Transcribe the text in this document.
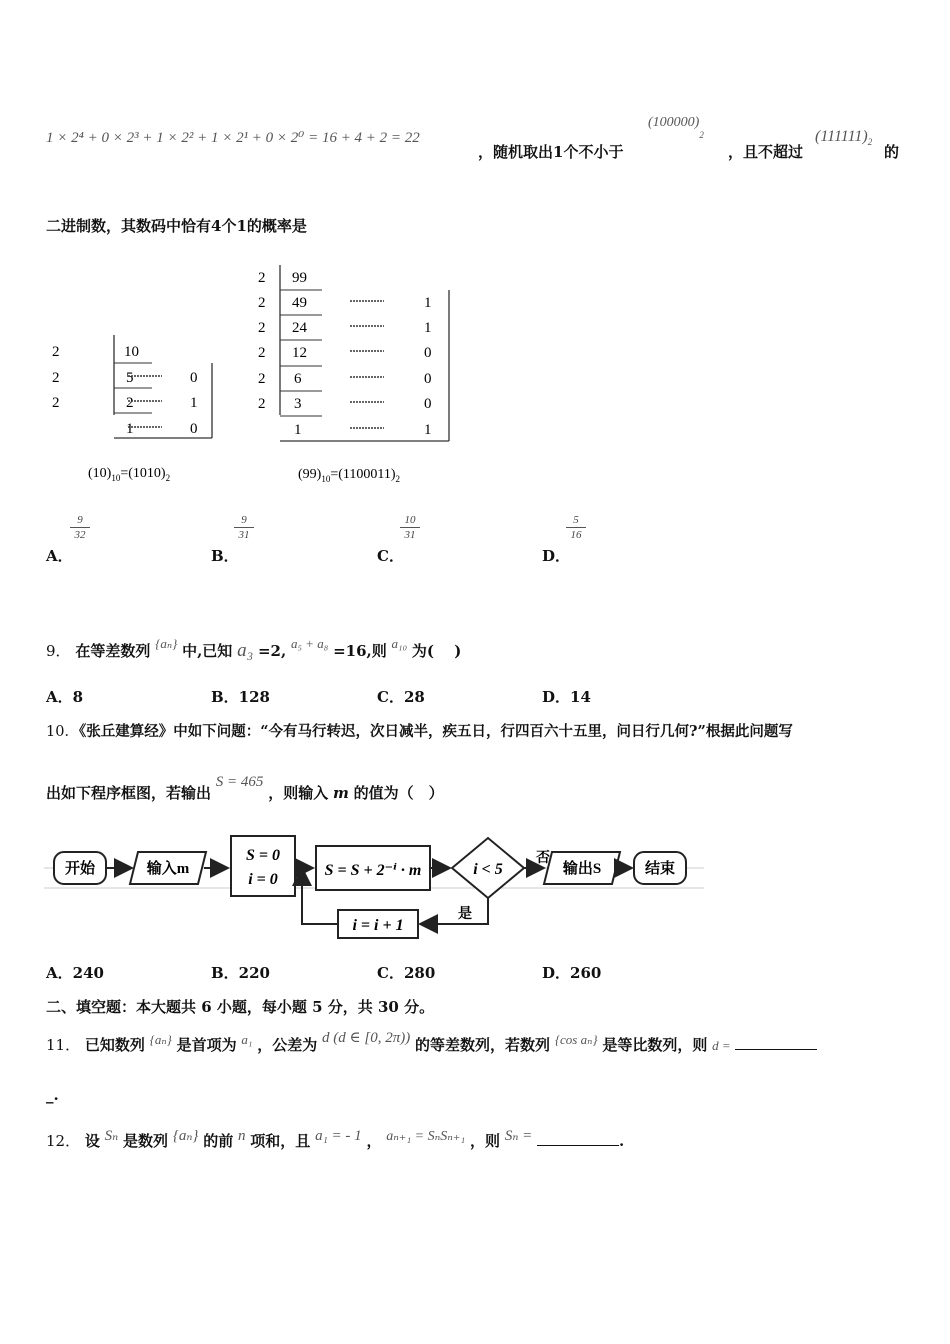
1 × 2⁴ + 0 × 2³ + 1 × 2² + 1 × 2¹ + 0 × 2⁰ = 16 + 4 + 2 = 22
，随机取出1个不小于
$(100000)_2$
，且不超过
$(111111)_2$
的
二进制数，其数码中恰有4个1的概率是
2	10
2	5	0
2	2	1
1	0
$(10)_{10}=(1010)_2$
2 99
2 49	1
2 24	1
2 12	0
2 6	0
2 3	0
1	1
$(99)_{10}=(1100011)_2$
9
32
A．
9
31
B．
10
31
C．
5
16
D．
9． 在等差数列 {aₙ} 中,已知 a₃ =2, a₅ + a₈ =16,则 a₁₀ 为(　 )
A．8	B．128	C．28	D．14
10．《张丘建算经》中如下问题：“今有马行转迟，次日减半，疾五日，行四百六十五里，问日行几何?”根据此问题写
出如下程序框图，若输出 S = 465 ，则输入 m 的值为（　）
开始	输入m
S = 0
i = 0
S = S + 2⁻ⁱ · m	i < 5
否
输出S	结束
是
i = i + 1
A．240	B．220	C．280	D．260
二、填空题：本大题共 6 小题，每小题 5 分，共 30 分。
11． 已知数列 {aₙ} 是首项为 a₁ ，公差为 d (d ∈ [0, 2π)) 的等差数列，若数列 {cos aₙ} 是等比数列，则 d =
_.
12． 设 Sₙ 是数列 {aₙ} 的前 n 项和，且 a₁ = - 1 ， aₙ₊₁ = SₙSₙ₊₁ ，则 Sₙ =	.
